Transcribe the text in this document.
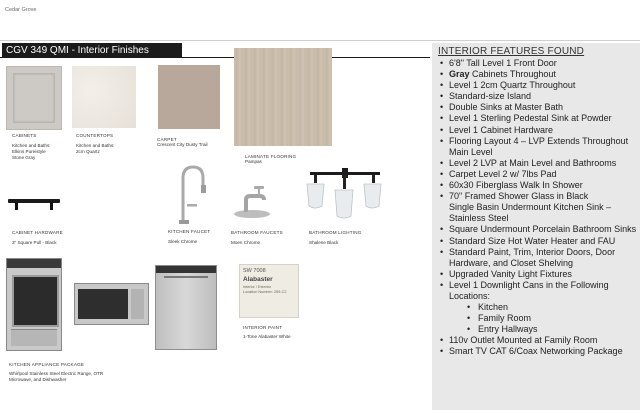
Cedar Grove
CGV 349 QMI - Interior Finishes
CABINETS
Kitchen and Baths:
Elkins Pureistyle
Stone Gray
COUNTERTOPS
Kitchen and Baths:
2cm Quartz
CARPET
Crescent City Dusty Trail
LAMINATE FLOORING
Pampas
CABINET HARDWARE
3" Square Pull - Black
KITCHEN FAUCET
Sleek Chrome
BATHROOM FAUCETS
Moen Chrome
BATHROOM LIGHTING
Shalene Black
KITCHEN APPLIANCE PACKAGE
Whirlpool Stainless Steel Electric Range, OTR
Microwave, and Dishwasher
SW 7008
Alabaster
Interior / Exterior
Location Number: 259-C2
INTERIOR PAINT
1-Tone Alabaster White
INTERIOR FEATURES FOUND
• 6'8" Tall Level 1 Front Door
• Gray Cabinets Throughout
• Level 1 2cm Quartz Throughout
• Standard-size Island
• Double Sinks at Master Bath
• Level 1 Sterling Pedestal Sink at Powder
• Level 1 Cabinet Hardware
• Flooring Layout 4 – LVP Extends Throughout Main Level
• Level 2 LVP at Main Level and Bathrooms
• Carpet Level 2 w/ 7lbs Pad
• 60x30 Fiberglass Walk In Shower
• 70" Framed Shower Glass in Black
Single Basin Undermount Kitchen Sink – Stainless Steel
• Square Undermount Porcelain Bathroom Sinks
• Standard Size Hot Water Heater and FAU
• Standard Paint, Trim, Interior Doors, Door Hardware, and Closet Shelving
• Upgraded Vanity Light Fixtures
• Level 1 Downlight Cans in the Following Locations:
• Kitchen
• Family Room
• Entry Hallways
• 110v Outlet Mounted at Family Room
• Smart TV CAT 6/Coax Networking Package
